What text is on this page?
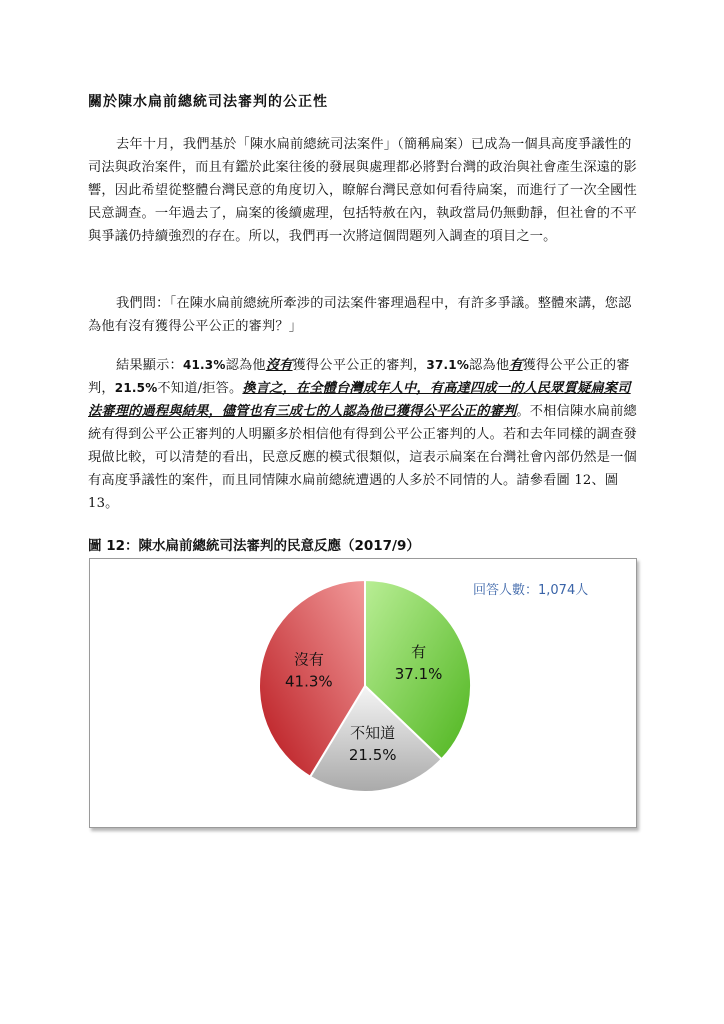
關於陳水扁前總統司法審判的公正性

去年十月，我們基於「陳水扁前總統司法案件」（簡稱扁案）已成為一個具高度爭議性的司法與政治案件，而且有鑑於此案往後的發展與處理都必將對台灣的政治與社會產生深遠的影響，因此希望從整體台灣民意的角度切入，瞭解台灣民意如何看待扁案，而進行了一次全國性民意調查。一年過去了，扁案的後續處理，包括特赦在內，執政當局仍無動靜，但社會的不平與爭議仍持續強烈的存在。所以，我們再一次將這個問題列入調查的項目之一。

我們問：「在陳水扁前總統所牽涉的司法案件審理過程中，有許多爭議。整體來講，您認為他有沒有獲得公平公正的審判？」

結果顯示：41.3%認為他沒有獲得公平公正的審判，37.1%認為他有獲得公平公正的審判，21.5%不知道/拒答。換言之，在全體台灣成年人中，有高達四成一的人民眾質疑扁案司法審理的過程與結果，儘管也有三成七的人認為他已獲得公平公正的審判。不相信陳水扁前總統有得到公平公正審判的人明顯多於相信他有得到公平公正審判的人。若和去年同樣的調查發現做比較，可以清楚的看出，民意反應的模式很類似，這表示扁案在台灣社會內部仍然是一個有高度爭議性的案件，而且同情陳水扁前總統遭遇的人多於不同情的人。請參看圖 12、圖 13。

圖 12：陳水扁前總統司法審判的民意反應（2017/9）
有
37.1%
不知道
21.5%
沒有
41.3%
回答人數：1,074人
